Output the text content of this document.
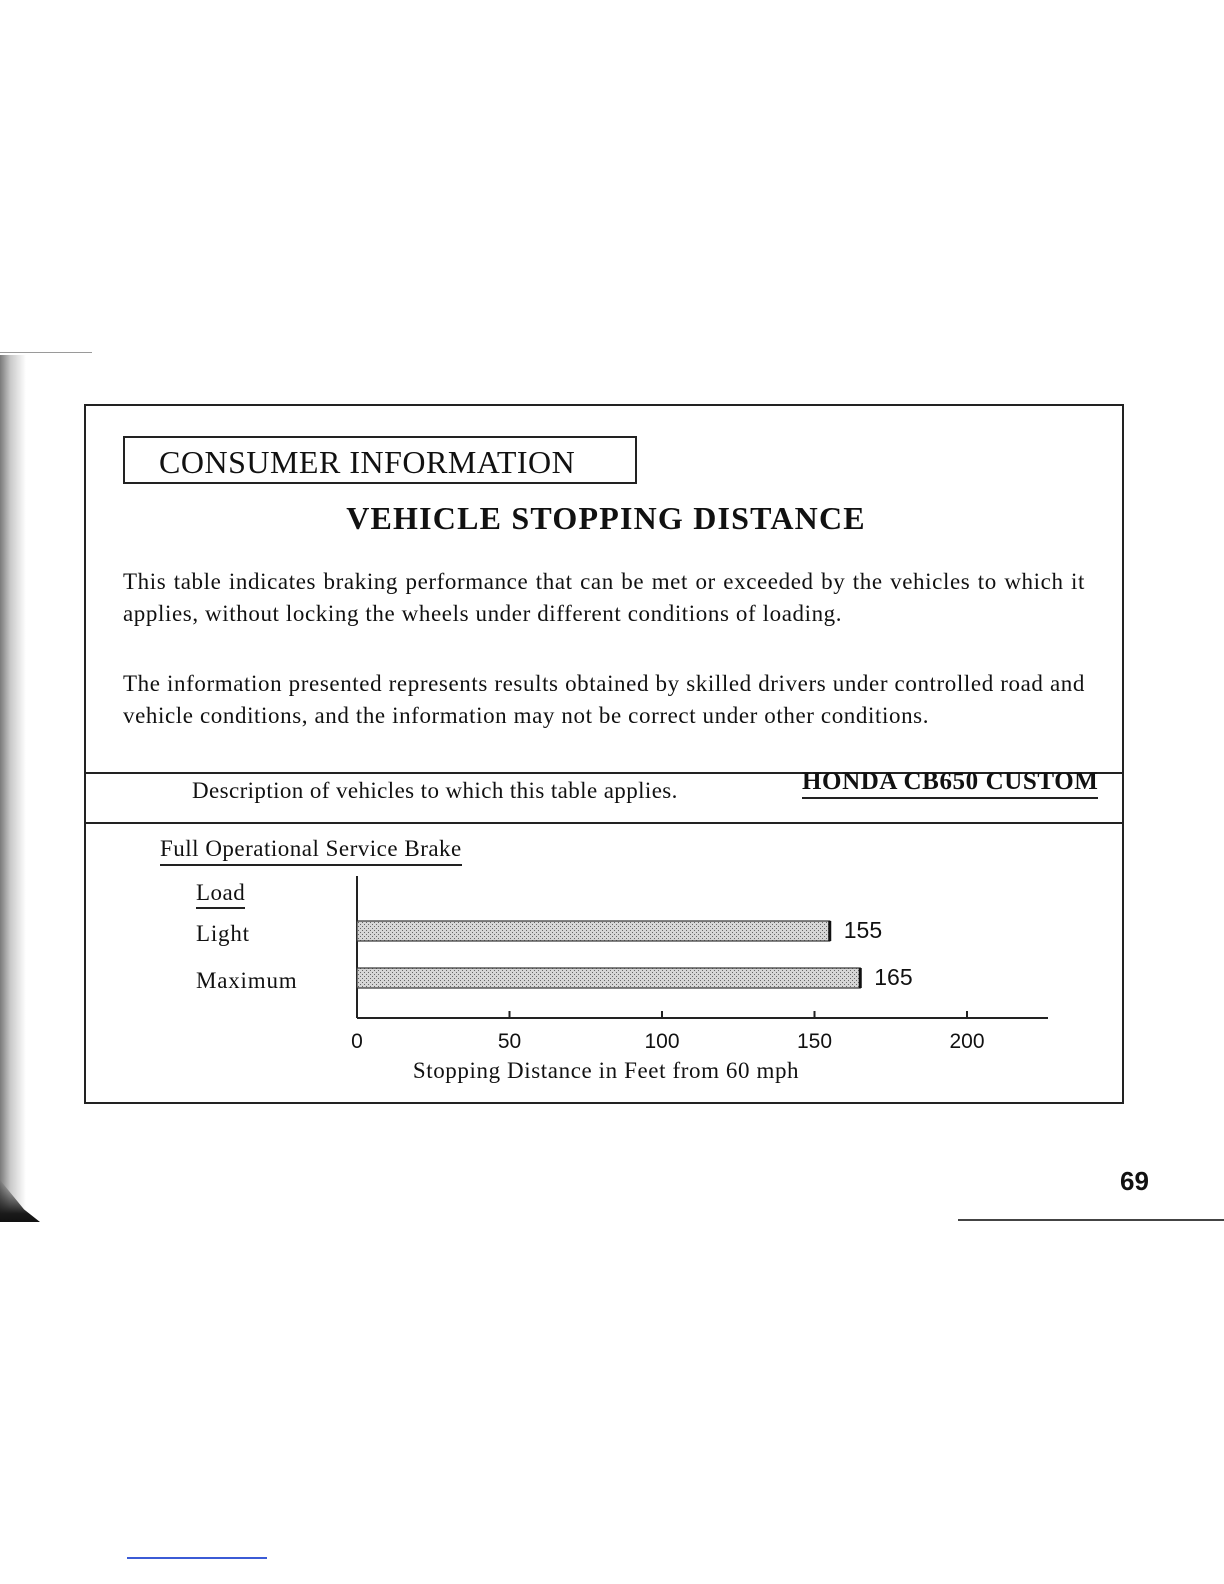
CONSUMER INFORMATION
VEHICLE STOPPING DISTANCE

This table indicates braking performance that can be met or exceeded by the vehicles to which it applies, without locking the wheels under different conditions of loading.

The information presented represents results obtained by skilled drivers under controlled road and vehicle conditions, and the information may not be correct under other conditions.

Description of vehicles to which this table applies.	HONDA CB650 CUSTOM
Full Operational Service Brake
Load
Light
Maximum
155
165
0	50	100	150	200
Stopping Distance in Feet from 60 mph
69
